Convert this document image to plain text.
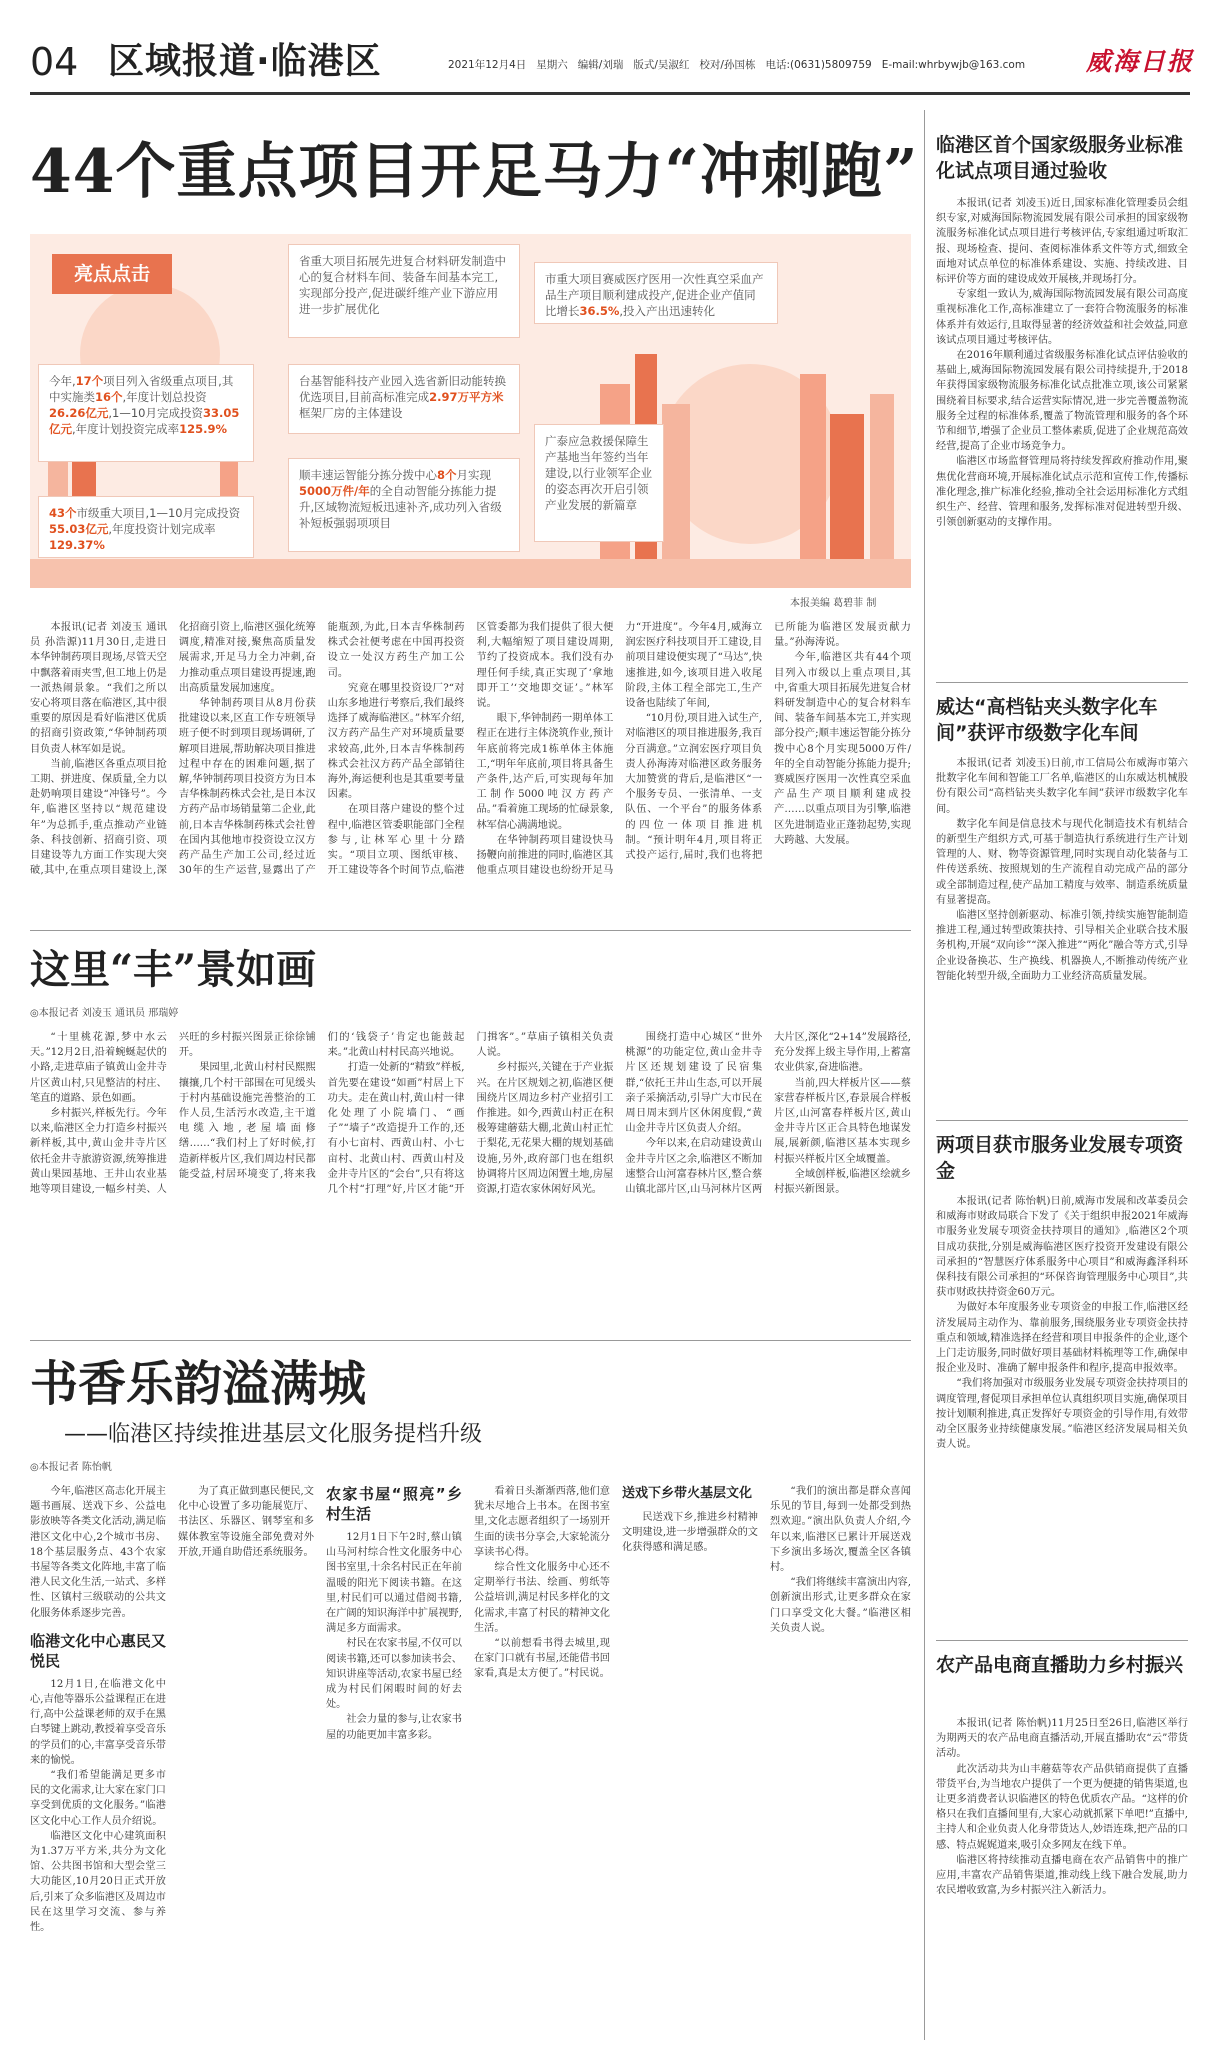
04 区域报道·临港区	2021年12月4日 星期六 编辑/刘瑞 版式/吴淑红 校对/孙国栋 电话:(0631)5809759 E-mail:whrbywjb@163.com 威海日报
44个重点项目开足马力“冲刺跑”
亮点点击
今年,17个项目列入省级重点项目,其中实施类16个,年度计划总投资26.26亿元,1—10月完成投资33.05亿元,年度计划投资完成率125.9%
43个市级重大项目,1—10月完成投资55.03亿元,年度投资计划完成率129.37%
省重大项目拓展先进复合材料研发制造中心的复合材料车间、装备车间基本完工,实现部分投产,促进碳纤维产业下游应用进一步扩展优化
台基智能科技产业园入选省新旧动能转换优选项目,目前高标准完成2.97万平方米框架厂房的主体建设
顺丰速运智能分拣分拨中心8个月实现5000万件/年的全自动智能分拣能力提升,区域物流短板迅速补齐,成功列入省级补短板强弱项项目
市重大项目赛威医疗医用一次性真空采血产品生产项目顺利建成投产,促进企业产值同比增长36.5%,投入产出迅速转化
广泰应急救援保障生产基地当年签约当年建设,以行业领军企业的姿态再次开启引领产业发展的新篇章
本报美编 葛碧菲 制

本报讯(记者 刘凌玉 通讯员 孙浩源)11月30日,走进日本华钟制药项目现场,尽管天空中飘落着雨夹雪,但工地上仍是一派热闹景象。“我们之所以安心将项目落在临港区,其中很重要的原因是看好临港区优质的招商引资政策,“华钟制药项目负责人林军如是说。

当前,临港区各重点项目抢工期、拼进度、保质量,全力以赴奶响项目建设“冲锋号”。今年,临港区坚持以“规范建设年”为总抓手,重点推动产业链条、科技创新、招商引资、项目建设等九方面工作实现大突破,其中,在重点项目建设上,深化招商引资上,临港区强化统筹调度,精准对接,聚焦高质量发展需求,开足马力全力冲刺,奋力推动重点项目建设再提速,跑出高质量发展加速度。

华钟制药项目从8月份获批建设以来,区直工作专班领导班子便不时到项目现场调研,了解项目进展,帮助解决项目推进过程中存在的困难问题,据了解,华钟制药项目投资方为日本吉华株制药株式会社,是日本汉方药产品市场销量第二企业,此前,日本吉华株制药株式会社曾在国内其他地市投资设立汉方药产品生产加工公司,经过近30年的生产运营,显露出了产能瓶颈,为此,日本吉华株制药株式会社便考虑在中国再投资设立一处汉方药生产加工公司。

究竟在哪里投资设厂?“对山东多地进行考察后,我们最终选择了威海临港区。”林军介绍,汉方药产品生产对环境质量要求较高,此外,日本吉华株制药株式会社汉方药产品全部销往海外,海运便利也是其重要考量因素。

在项目落户建设的整个过程中,临港区管委职能部门全程参与,让林军心里十分踏实。“项目立项、图纸审核、开工建设等各个时间节点,临港区管委都为我们提供了很大便利,大幅缩短了项目建设周期,节约了投资成本。我们没有办理任何手续,真正实现了‘拿地即开工’‘交地即交证’。”林军说。

眼下,华钟制药一期单体工程正在进行主体浇筑作业,预计年底前将完成1栋单体主体施工,“明年年底前,项目将具备生产条件,达产后,可实现每年加工制作5000吨汉方药产品。”看着施工现场的忙碌景象,林军信心满满地说。

在华钟制药项目建设快马扬鞭向前推进的同时,临港区其他重点项目建设也纷纷开足马力“开进度”。今年4月,威海立润宏医疗科技项目开工建设,目前项目建设便实现了“马达”,快速推进,如今,该项目进入收尾阶段,主体工程全部完工,生产设备也陆续了年间,

“10月份,项目进入试生产,对临港区的项目推进服务,我百分百满意。”立润宏医疗项目负责人孙海涛对临港区政务服务大加赞赏的背后,是临港区“一个服务专员、一张清单、一支队伍、一个平台”的服务体系的四位一体项目推进机制。“预计明年4月,项目将正式投产运行,届时,我们也将把已所能为临港区发展贡献力量。”孙海涛说。

今年,临港区共有44个项目列入市级以上重点项目,其中,省重大项目拓展先进复合材料研发制造中心的复合材料车间、装备车间基本完工,并实现部分投产;顺丰速运智能分拣分拨中心8个月实现5000万件/年的全自动智能分拣能力提升;赛威医疗医用一次性真空采血产品生产项目顺利建成投产……以重点项目为引擎,临港区先进制造业正蓬勃起势,实现大跨越、大发展。

这里“丰”景如画
◎本报记者 刘凌玉 通讯员 邢瑞婷

“十里桃花源,梦中水云天。”12月2日,沿着蜿蜒起伏的小路,走进草庙子镇黄山金井寺片区黄山村,只见整洁的村庄、笔直的道路、景色如画。

乡村振兴,样板先行。今年以来,临港区全力打造乡村振兴新样板,其中,黄山金井寺片区依托金井寺旅游资源,统筹推进黄山果园基地、王井山农业基地等项目建设,一幅乡村美、人兴旺的乡村振兴图景正徐徐铺开。

果园里,北黄山村村民熙熙攘攘,几个村干部围在可见缓头于村内基础设施完善整治的工作人员,生活污水改造,主干道电缆入地,老屋墙面修缮……“我们村上了好时候,打造新样板片区,我们周边村民都能受益,村居环境变了,将来我们的‘钱袋子’肯定也能鼓起来。”北黄山村村民高兴地说。

打造一处新的“精致”样板,首先要在建设“如画”村居上下功夫。走在黄山村,黄山村一律化处理了小院墙门、“画子”“墙子”改造提升工作的,还有小七亩村、西黄山村、小七亩村、北黄山村、西黄山村及金井寺片区的“会台”,只有将这几个村“打理”好,片区才能“开门揖客”。”草庙子镇相关负责人说。

乡村振兴,关键在于产业振兴。在片区规划之初,临港区便围绕片区周边乡村产业招引工作推进。如今,西黄山村正在积极筹建蘑菇大棚,北黄山村正忙于梨花,无花果大棚的规划基础设施,另外,政府部门也在组织协调将片区周边闲置土地,房屋资源,打造农家休闲好风光。

围绕打造中心城区“世外桃源”的功能定位,黄山金井寺片区还规划建设了民宿集群,“依托王井山生态,可以开展亲子采摘活动,引导广大市民在周日周末到片区休闲度假,“黄山金井寺片区负责人介绍。

今年以来,在启动建设黄山金井寺片区之余,临港区不断加速整合山河富春林片区,整合蔡山镇北部片区,山马河林片区两大片区,深化“2+14”发展路径,充分发挥上级主导作用,上蓄富农业供家,奋进临港。

当前,四大样板片区——蔡家营春样板片区,春景展合样板片区,山河富春样板片区,黄山金井寺片区正合具特色地谋发展,展新颜,临港区基本实现乡村振兴样板片区全域覆盖。

全域创样板,临港区绘就乡村振兴新图景。

书香乐韵溢满城
——临港区持续推进基层文化服务提档升级
◎本报记者 陈怡帆

今年,临港区高志化开展主题书画展、送戏下乡、公益电影放映等各类文化活动,满足临港区文化中心,2个城市书房、18个基层服务点、43个农家书屋等各类文化阵地,丰富了临港人民文化生活,一站式、多样性、区镇村三级联动的公共文化服务体系逐步完善。

临港文化中心惠民又悦民

12月1日,在临港文化中心,吉他等器乐公益课程正在进行,高中公益课老师的双手在黑白琴键上跳动,教授着享受音乐的学员们的心,丰富享受音乐带来的愉悦。

“我们希望能满足更多市民的文化需求,让大家在家门口享受到优质的文化服务。”临港区文化中心工作人员介绍说。

临港区文化中心建筑面积为1.37万平方米,共分为文化馆、公共图书馆和大型会堂三大功能区,10月20日正式开放后,引来了众多临港区及周边市民在这里学习交流、参与养性。

为了真正做到惠民便民,文化中心设置了多功能展览厅、书法区、乐器区、钢琴室和多媒体教室等设施全部免费对外开放,开通自助借还系统服务。

农家书屋“照亮”乡村生活

12月1日下午2时,蔡山镇山马河村综合性文化服务中心图书室里,十余名村民正在年前温暖的阳光下阅读书籍。在这里,村民们可以通过借阅书籍,在广阔的知识海洋中扩展视野,满足多方面需求。

村民在农家书屋,不仅可以阅读书籍,还可以参加读书会、知识讲座等活动,农家书屋已经成为村民们闲暇时间的好去处。

社会力量的参与,让农家书屋的功能更加丰富多彩。

看着日头渐渐西落,他们意犹未尽地合上书本。在图书室里,文化志愿者组织了一场别开生面的读书分享会,大家轮流分享读书心得。

综合性文化服务中心还不定期举行书法、绘画、剪纸等公益培训,满足村民多样化的文化需求,丰富了村民的精神文化生活。

“以前想看书得去城里,现在家门口就有书屋,还能借书回家看,真是太方便了。”村民说。

送戏下乡带火基层文化

民送戏下乡,推进乡村精神文明建设,进一步增强群众的文化获得感和满足感。

“我们的演出都是群众喜闻乐见的节目,每到一处都受到热烈欢迎。”演出队负责人介绍,今年以来,临港区已累计开展送戏下乡演出多场次,覆盖全区各镇村。

“我们将继续丰富演出内容,创新演出形式,让更多群众在家门口享受文化大餐。”临港区相关负责人说。

临港区首个国家级服务业标准化试点项目通过验收

本报讯(记者 刘凌玉)近日,国家标准化管理委员会组织专家,对威海国际物流园发展有限公司承担的国家级物流服务标准化试点项目进行考核评估,专家组通过听取汇报、现场检查、提问、查阅标准体系文件等方式,细致全面地对试点单位的标准体系建设、实施、持续改进、目标评价等方面的建设成效开展核,并现场打分。

专家组一致认为,威海国际物流园发展有限公司高度重视标准化工作,高标准建立了一套符合物流服务的标准体系并有效运行,且取得显著的经济效益和社会效益,同意该试点项目通过考核评估。

在2016年顺利通过省级服务标准化试点评估验收的基础上,威海国际物流园发展有限公司持续提升,于2018年获得国家级物流服务标准化试点批准立项,该公司紧紧围绕着目标要求,结合运营实际情况,进一步完善覆盖物流服务全过程的标准体系,覆盖了物流管理和服务的各个环节和细节,增强了企业员工整体素质,促进了企业规范高效经营,提高了企业市场竞争力。

临港区市场监督管理局将持续发挥政府推动作用,聚焦优化营商环境,开展标准化试点示范和宣传工作,传播标准化理念,推广标准化经验,推动全社会运用标准化方式组织生产、经营、管理和服务,发挥标准对促进转型升级、引领创新驱动的支撑作用。

威达“高档钻夹头数字化车间”获评市级数字化车间

本报讯(记者 刘凌玉)日前,市工信局公布威海市第六批数字化车间和智能工厂名单,临港区的山东威达机械股份有限公司“高档钻夹头数字化车间”获评市级数字化车间。

数字化车间是信息技术与现代化制造技术有机结合的新型生产组织方式,可基于制造执行系统进行生产计划管理的人、财、物等资源管理,同时实现自动化装备与工件传送系统、按照规划的生产流程自动完成产品的部分或全部制造过程,使产品加工精度与效率、制造系统质量有显著提高。

临港区坚持创新驱动、标准引领,持续实施智能制造推进工程,通过转型政策扶持、引导相关企业联合技术服务机构,开展“双向诊”“深入推进”“两化”融合等方式,引导企业设备换芯、生产换线、机器换人,不断推动传统产业智能化转型升级,全面助力工业经济高质量发展。

两项目获市服务业发展专项资金

本报讯(记者 陈怡帆)日前,威海市发展和改革委员会和威海市财政局联合下发了《关于组织申报2021年威海市服务业发展专项资金扶持项目的通知》,临港区2个项目成功获批,分别是威海临港区医疗投资开发建设有限公司承担的“智慧医疗体系服务中心项目”和威海鑫泽科环保科技有限公司承担的“环保咨询管理服务中心项目”,共获市财政扶持资金60万元。

为做好本年度服务业专项资金的申报工作,临港区经济发展局主动作为、靠前服务,围绕服务业专项资金扶持重点和领域,精准选择在经营和项目申报条件的企业,逐个上门走访服务,同时做好项目基础材料梳理等工作,确保申报企业及时、准确了解申报条件和程序,提高申报效率。

“我们将加强对市级服务业发展专项资金扶持项目的调度管理,督促项目承担单位认真组织项目实施,确保项目按计划顺利推进,真正发挥好专项资金的引导作用,有效带动全区服务业持续健康发展。”临港区经济发展局相关负责人说。

农产品电商直播助力乡村振兴

本报讯(记者 陈怡帆)11月25日至26日,临港区举行为期两天的农产品电商直播活动,开展直播助农“云”带货活动。

此次活动共为山丰蘑菇等农产品供销商提供了直播带货平台,为当地农户提供了一个更为便捷的销售渠道,也让更多消费者认识临港区的特色优质农产品。“这样的价格只在我们直播间里有,大家心动就抓紧下单吧!”直播中,主持人和企业负责人化身带货达人,妙语连珠,把产品的口感、特点娓娓道来,吸引众多网友在线下单。

临港区将持续推动直播电商在农产品销售中的推广应用,丰富农产品销售渠道,推动线上线下融合发展,助力农民增收致富,为乡村振兴注入新活力。
